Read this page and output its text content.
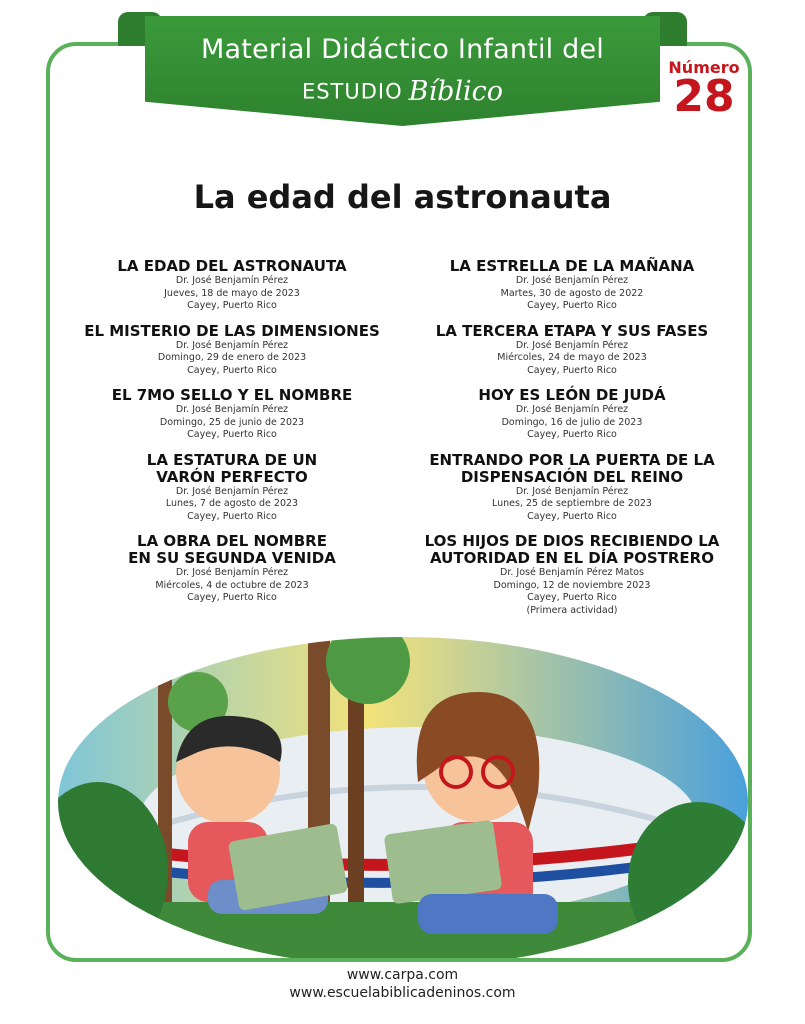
Material Didáctico Infantil del
ESTUDIO Bíblico
Número
28
La edad del astronauta
LA EDAD DEL ASTRONAUTA
Dr. José Benjamín Pérez
Jueves, 18 de mayo de 2023
Cayey, Puerto Rico
EL MISTERIO DE LAS DIMENSIONES
Dr. José Benjamín Pérez
Domingo, 29 de enero de 2023
Cayey, Puerto Rico
EL 7MO SELLO Y EL NOMBRE
Dr. José Benjamín Pérez
Domingo, 25 de junio de 2023
Cayey, Puerto Rico
LA ESTATURA DE UN
VARÓN PERFECTO
Dr. José Benjamín Pérez
Lunes, 7 de agosto de 2023
Cayey, Puerto Rico
LA OBRA DEL NOMBRE
EN SU SEGUNDA VENIDA
Dr. José Benjamín Pérez
Miércoles, 4 de octubre de 2023
Cayey, Puerto Rico
LA ESTRELLA DE LA MAÑANA
Dr. José Benjamín Pérez
Martes, 30 de agosto de 2022
Cayey, Puerto Rico
LA TERCERA ETAPA Y SUS FASES
Dr. José Benjamín Pérez
Miércoles, 24 de mayo de 2023
Cayey, Puerto Rico
HOY ES LEÓN DE JUDÁ
Dr. José Benjamín Pérez
Domingo, 16 de julio de 2023
Cayey, Puerto Rico
ENTRANDO POR LA PUERTA DE LA
DISPENSACIÓN DEL REINO
Dr. José Benjamín Pérez
Lunes, 25 de septiembre de 2023
Cayey, Puerto Rico
LOS HIJOS DE DIOS RECIBIENDO LA
AUTORIDAD EN EL DÍA POSTRERO
Dr. José Benjamín Pérez Matos
Domingo, 12 de noviembre 2023
Cayey, Puerto Rico
(Primera actividad)
www.carpa.com
www.escuelabiblicadeninos.com
